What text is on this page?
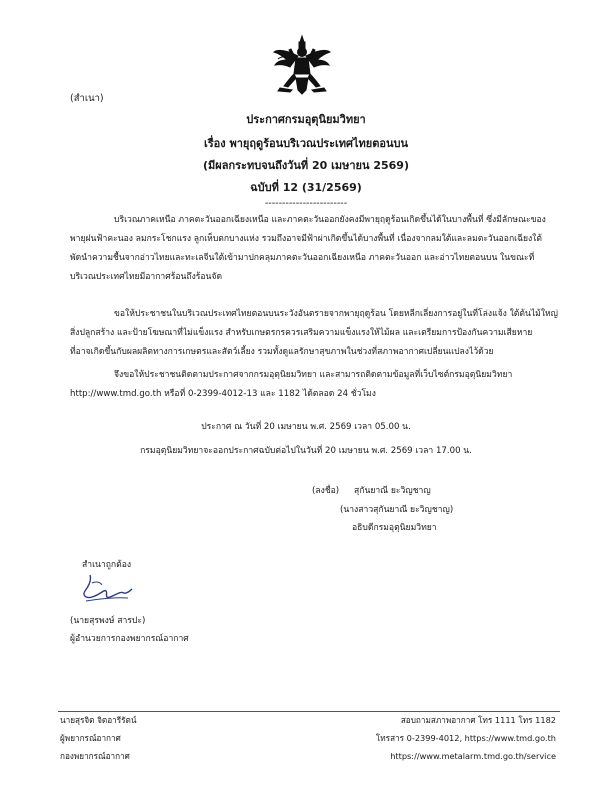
(สำเนา)
ประกาศกรมอุตุนิยมวิทยา
เรื่อง พายุฤดูร้อนบริเวณประเทศไทยตอนบน
(มีผลกระทบจนถึงวันที่ 20 เมษายน 2569)
ฉบับที่ 12 (31/2569)
------------------------
บริเวณภาคเหนือ ภาคตะวันออกเฉียงเหนือ และภาคตะวันออกยังคงมีพายุฤดูร้อนเกิดขึ้นได้ในบางพื้นที่ ซึ่งมีลักษณะของ
พายุฝนฟ้าคะนอง ลมกระโชกแรง ลูกเห็บตกบางแห่ง รวมถึงอาจมีฟ้าผ่าเกิดขึ้นได้บางพื้นที่ เนื่องจากลมใต้และลมตะวันออกเฉียงใต้
พัดนำความชื้นจากอ่าวไทยและทะเลจีนใต้เข้ามาปกคลุมภาคตะวันออกเฉียงเหนือ ภาคตะวันออก และอ่าวไทยตอนบน ในขณะที่
บริเวณประเทศไทยมีอากาศร้อนถึงร้อนจัด
ขอให้ประชาชนในบริเวณประเทศไทยตอนบนระวังอันตรายจากพายุฤดูร้อน โดยหลีกเลี่ยงการอยู่ในที่โล่งแจ้ง ใต้ต้นไม้ใหญ่
สิ่งปลูกสร้าง และป้ายโฆษณาที่ไม่แข็งแรง สำหรับเกษตรกรควรเสริมความแข็งแรงให้ไม้ผล และเตรียมการป้องกันความเสียหาย
ที่อาจเกิดขึ้นกับผลผลิตทางการเกษตรและสัตว์เลี้ยง รวมทั้งดูแลรักษาสุขภาพในช่วงที่สภาพอากาศเปลี่ยนแปลงไว้ด้วย
จึงขอให้ประชาชนติดตามประกาศจากกรมอุตุนิยมวิทยา และสามารถติดตามข้อมูลที่เว็บไซต์กรมอุตุนิยมวิทยา
http://www.tmd.go.th หรือที่ 0-2399-4012-13 และ 1182 ได้ตลอด 24 ชั่วโมง
ประกาศ ณ วันที่ 20 เมษายน พ.ศ. 2569 เวลา 05.00 น.
กรมอุตุนิยมวิทยาจะออกประกาศฉบับต่อไปในวันที่ 20 เมษายน พ.ศ. 2569 เวลา 17.00 น.
(ลงชื่อ) สุกันยาณี ยะวิญชาญ
(นางสาวสุกันยาณี ยะวิญชาญ)
อธิบดีกรมอุตุนิยมวิทยา
สำเนาถูกต้อง
(นายสุรพงษ์ สารปะ)
ผู้อำนวยการกองพยากรณ์อากาศ
นายสุรจิต จิตอารีรัตน์
ผู้พยากรณ์อากาศ
กองพยากรณ์อากาศ
สอบถามสภาพอากาศ โทร 1111 โทร 1182
โทรสาร 0-2399-4012, https://www.tmd.go.th
https://www.metalarm.tmd.go.th/service
